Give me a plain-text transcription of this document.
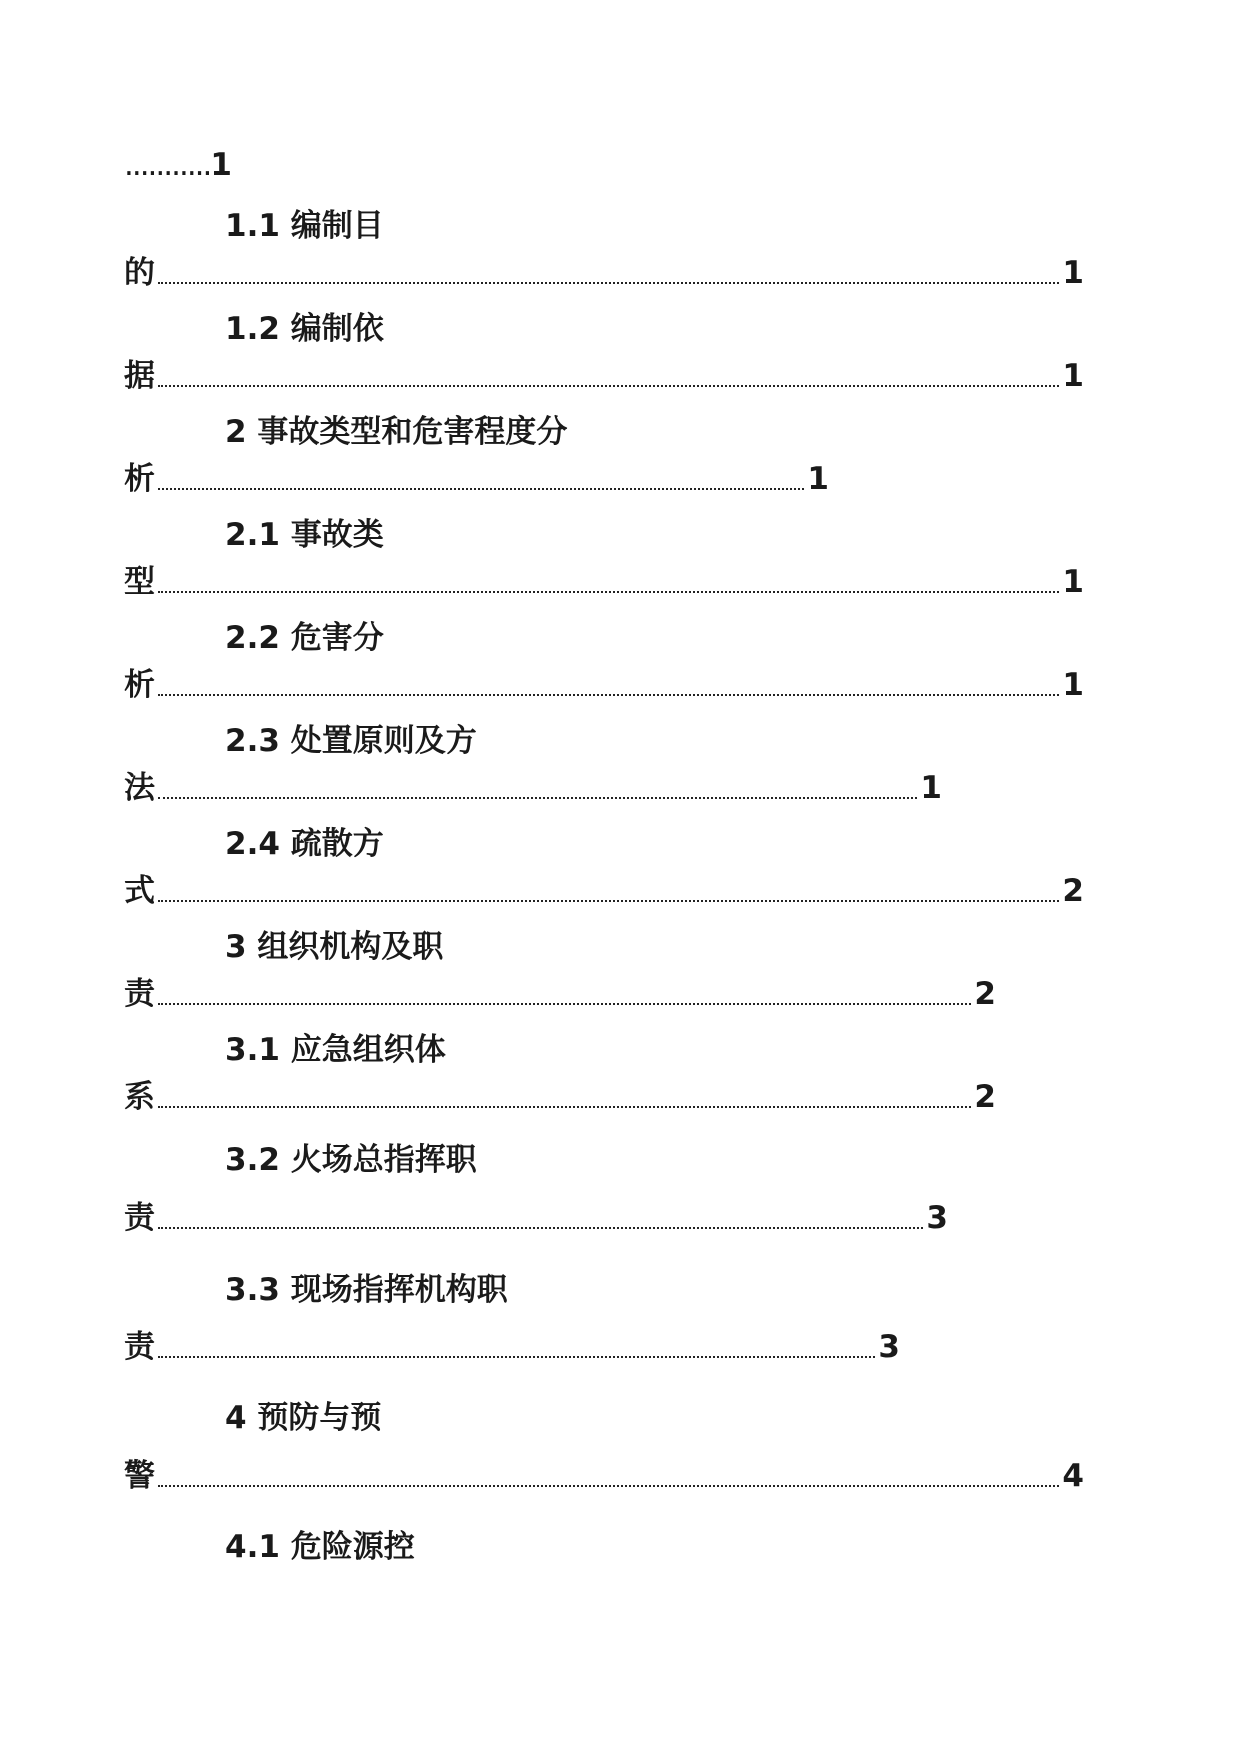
........... 1
1.1 编制目
的	1
1.2 编制依
据	1
2 事故类型和危害程度分
析	1
2.1 事故类
型	1
2.2 危害分
析	1
2.3 处置原则及方
法	1
2.4 疏散方
式	2
3 组织机构及职
责	2
3.1 应急组织体
系	2
3.2 火场总指挥职
责	3
3.3 现场指挥机构职
责	3
4 预防与预
警	4
4.1 危险源控
